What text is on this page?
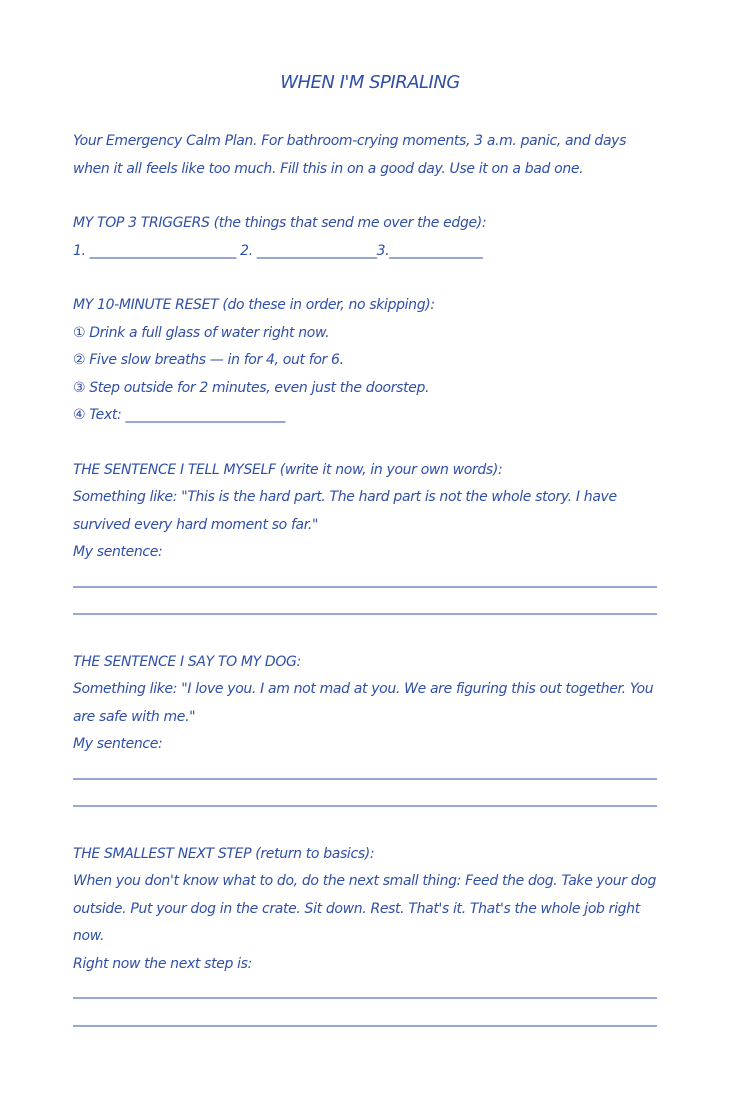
WHEN I'M SPIRALING

Your Emergency Calm Plan. For bathroom-crying moments, 3 a.m. panic, and days when it all feels like too much. Fill this in on a good day. Use it on a bad one.

MY TOP 3 TRIGGERS (the things that send me over the edge):

1. ______________________ 2. __________________3.______________

MY 10-MINUTE RESET (do these in order, no skipping):

① Drink a full glass of water right now.

② Five slow breaths — in for 4, out for 6.

③ Step outside for 2 minutes, even just the doorstep.

④ Text: ________________________

THE SENTENCE I TELL MYSELF (write it now, in your own words):

Something like: "This is the hard part. The hard part is not the whole story. I have survived every hard moment so far."

My sentence:

_____
_____

THE SENTENCE I SAY TO MY DOG:

Something like: "I love you. I am not mad at you. We are figuring this out together. You are safe with me."

My sentence:

_____
_____

THE SMALLEST NEXT STEP (return to basics):

When you don't know what to do, do the next small thing: Feed the dog. Take your dog outside. Put your dog in the crate. Sit down. Rest. That's it. That's the whole job right now.

Right now the next step is:

_____
_____
